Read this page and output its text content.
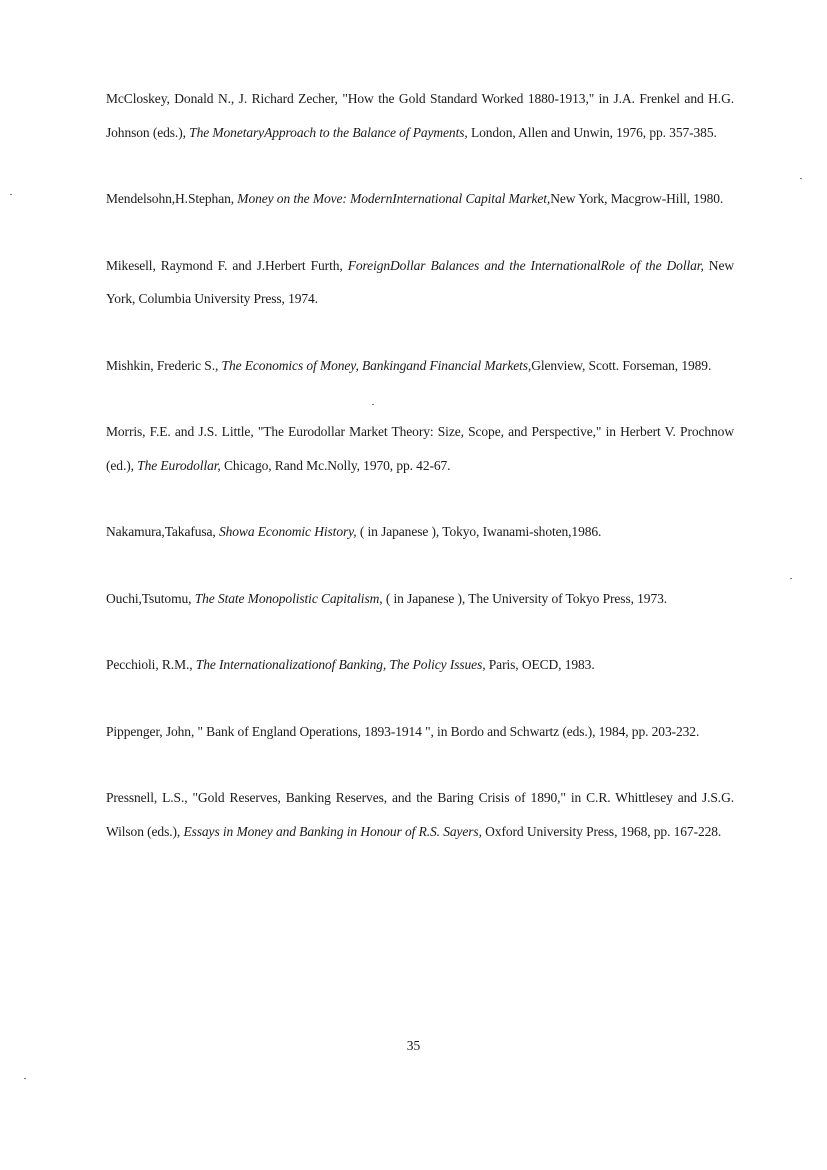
McCloskey, Donald N., J. Richard Zecher, "How the Gold Standard Worked 1880-1913," in J.A. Frenkel and H.G. Johnson (eds.), The MonetaryApproach to the Balance of Payments, London, Allen and Unwin, 1976, pp. 357-385.
Mendelsohn,H.Stephan, Money on the Move: ModernInternational Capital Market,New York, Macgrow-Hill, 1980.
Mikesell, Raymond F. and J.Herbert Furth, ForeignDollar Balances and the InternationalRole of the Dollar, New York, Columbia University Press, 1974.
Mishkin, Frederic S., The Economics of Money, Bankingand Financial Markets,Glenview, Scott. Forseman, 1989.
Morris, F.E. and J.S. Little, "The Eurodollar Market Theory: Size, Scope, and Perspective," in Herbert V. Prochnow (ed.), The Eurodollar, Chicago, Rand Mc.Nolly, 1970, pp. 42-67.
Nakamura,Takafusa, Showa Economic History, ( in Japanese ), Tokyo, Iwanami-shoten,1986.
Ouchi,Tsutomu, The State Monopolistic Capitalism, ( in Japanese ), The University of Tokyo Press, 1973.
Pecchioli, R.M., The Internationalizationof Banking, The Policy Issues, Paris, OECD, 1983.
Pippenger, John, " Bank of England Operations, 1893-1914 ", in Bordo and Schwartz (eds.), 1984, pp. 203-232.
Pressnell, L.S., "Gold Reserves, Banking Reserves, and the Baring Crisis of 1890," in C.R. Whittlesey and J.S.G. Wilson (eds.), Essays in Money and Banking in Honour of R.S. Sayers, Oxford University Press, 1968, pp. 167-228.

35
